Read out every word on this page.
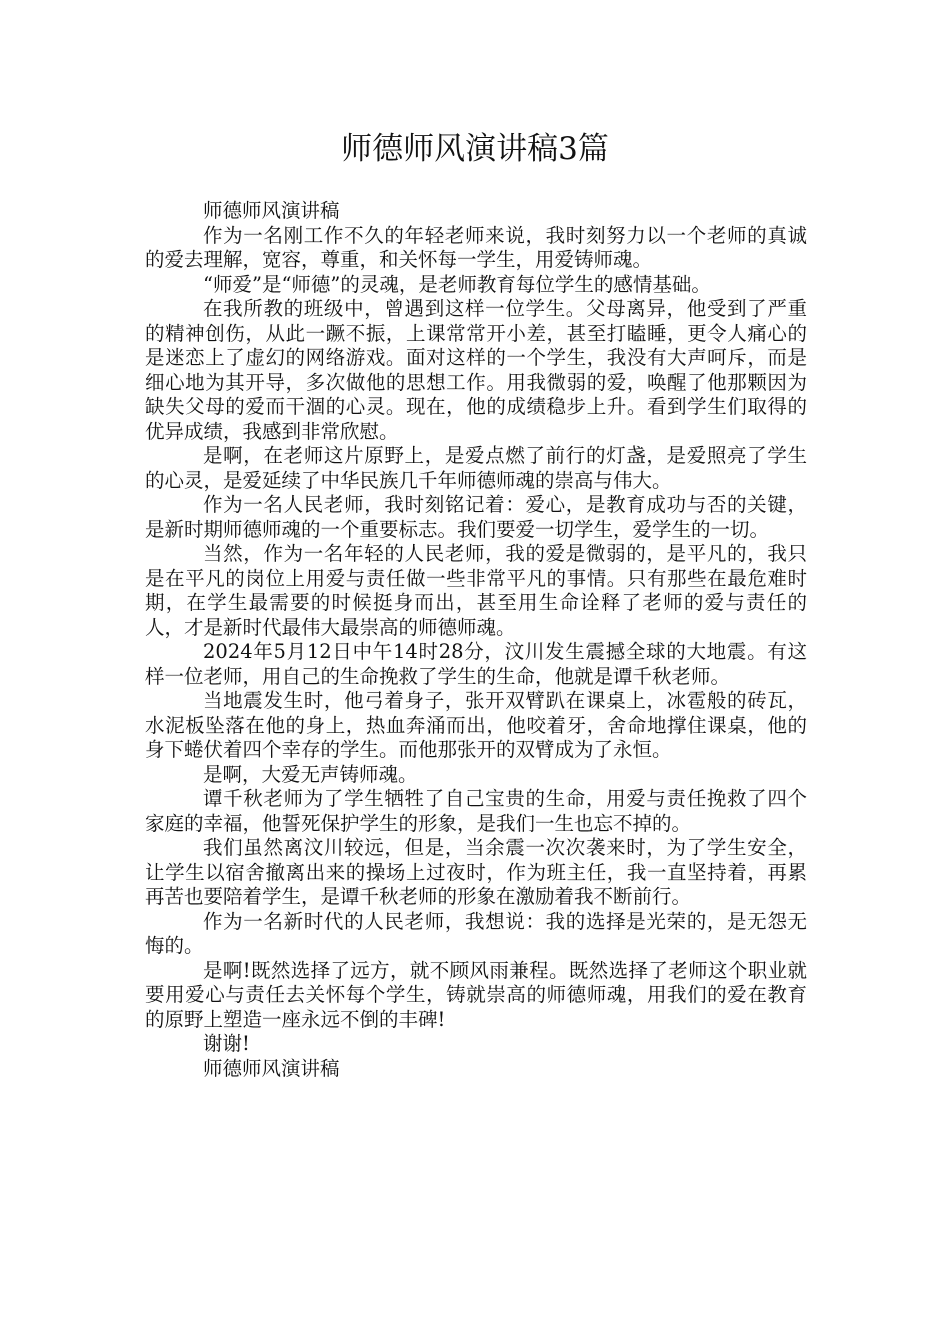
师德师风演讲稿3篇

师德师风演讲稿

作为一名刚工作不久的年轻老师来说，我时刻努力以一个老师的真诚的爱去理解，宽容，尊重，和关怀每一学生，用爱铸师魂。

“师爱”是“师德”的灵魂，是老师教育每位学生的感情基础。

在我所教的班级中，曾遇到这样一位学生。父母离异，他受到了严重的精神创伤，从此一蹶不振，上课常常开小差，甚至打瞌睡，更令人痛心的是迷恋上了虚幻的网络游戏。面对这样的一个学生，我没有大声呵斥，而是细心地为其开导，多次做他的思想工作。用我微弱的爱，唤醒了他那颗因为缺失父母的爱而干涸的心灵。现在，他的成绩稳步上升。看到学生们取得的优异成绩，我感到非常欣慰。

是啊，在老师这片原野上，是爱点燃了前行的灯盏，是爱照亮了学生的心灵，是爱延续了中华民族几千年师德师魂的崇高与伟大。

作为一名人民老师，我时刻铭记着：爱心，是教育成功与否的关键，是新时期师德师魂的一个重要标志。我们要爱一切学生，爱学生的一切。

当然，作为一名年轻的人民老师，我的爱是微弱的，是平凡的，我只是在平凡的岗位上用爱与责任做一些非常平凡的事情。只有那些在最危难时期，在学生最需要的时候挺身而出，甚至用生命诠释了老师的爱与责任的人，才是新时代最伟大最崇高的师德师魂。

2024年5月12日中午14时28分，汶川发生震撼全球的大地震。有这样一位老师，用自己的生命挽救了学生的生命，他就是谭千秋老师。

当地震发生时，他弓着身子，张开双臂趴在课桌上，冰雹般的砖瓦，水泥板坠落在他的身上，热血奔涌而出，他咬着牙，舍命地撑住课桌，他的身下蜷伏着四个幸存的学生。而他那张开的双臂成为了永恒。

是啊，大爱无声铸师魂。

谭千秋老师为了学生牺牲了自己宝贵的生命，用爱与责任挽救了四个家庭的幸福，他誓死保护学生的形象，是我们一生也忘不掉的。

我们虽然离汶川较远，但是，当余震一次次袭来时，为了学生安全，让学生以宿舍撤离出来的操场上过夜时，作为班主任，我一直坚持着，再累再苦也要陪着学生，是谭千秋老师的形象在激励着我不断前行。

作为一名新时代的人民老师，我想说：我的选择是光荣的，是无怨无悔的。

是啊!既然选择了远方，就不顾风雨兼程。既然选择了老师这个职业就要用爱心与责任去关怀每个学生，铸就崇高的师德师魂，用我们的爱在教育的原野上塑造一座永远不倒的丰碑!

谢谢!

师德师风演讲稿
